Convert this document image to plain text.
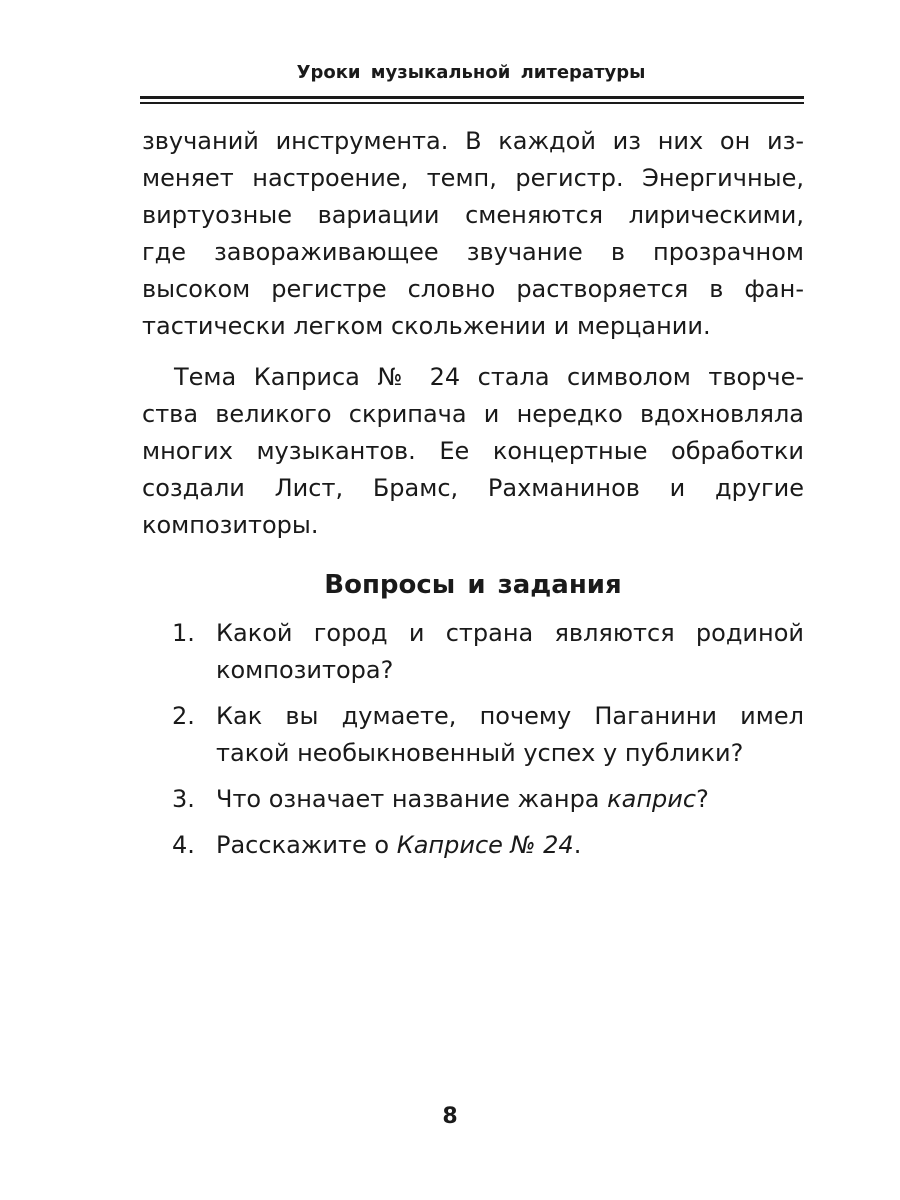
Уроки музыкальной литературы
звучаний инструмента. В каждой из них он из-
меняет настроение, темп, регистр. Энергичные,
виртуозные вариации сменяются лирическими,
где завораживающее звучание в прозрачном
высоком регистре словно растворяется в фан-
тастически легком скольжении и мерцании.
Тема Каприса № 24 стала символом творче-
ства великого скрипача и нередко вдохновляла
многих музыкантов. Ее концертные обработки
создали Лист, Брамс, Рахманинов и другие
композиторы.
Вопросы и задания
1. Какой город и страна являются родиной
композитора?
2. Как вы думаете, почему Паганини имел
такой необыкновенный успех у публики?
3. Что означает название жанра каприс?
4. Расскажите о Каприсе № 24.
8
